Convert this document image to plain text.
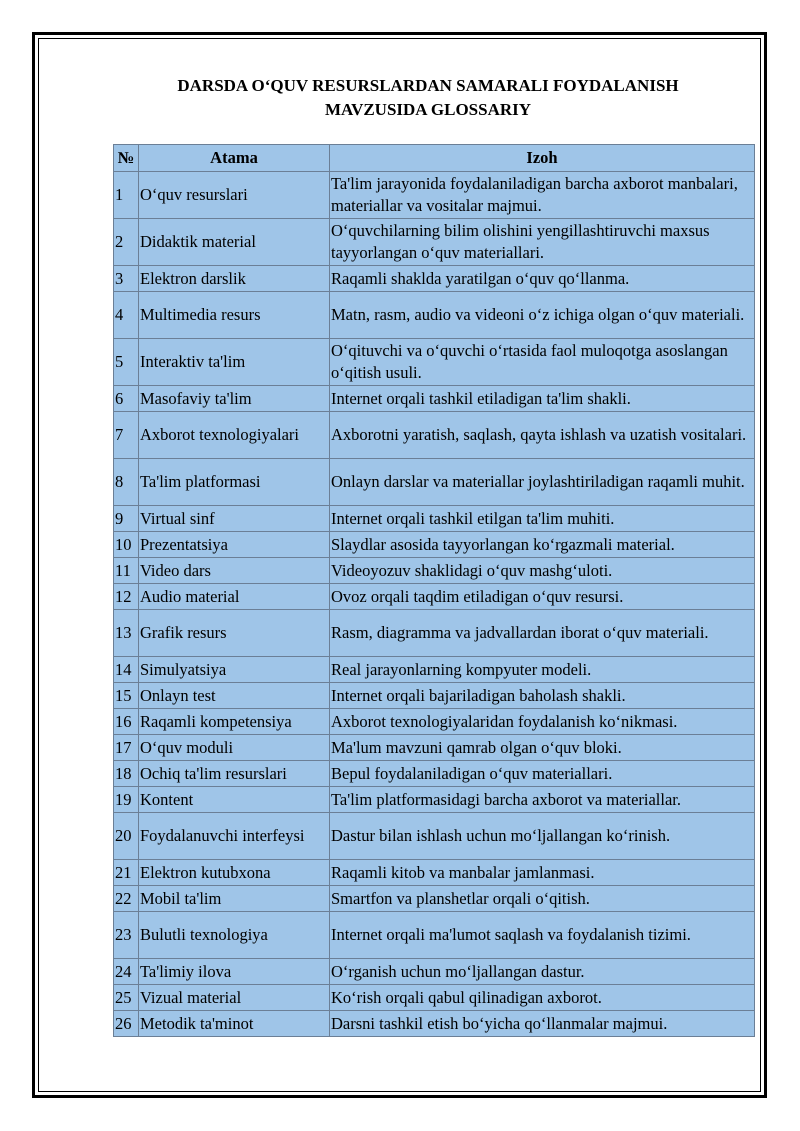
DARSDA O‘QUV RESURSLARDAN SAMARALI FOYDALANISH
MAVZUSIDA GLOSSARIY
№	Atama	Izoh
1	O‘quv resurslari	Ta'lim jarayonida foydalaniladigan barcha axborot manbalari, materiallar va vositalar majmui.
2	Didaktik material	O‘quvchilarning bilim olishini yengillashtiruvchi maxsus tayyorlangan o‘quv materiallari.
3	Elektron darslik	Raqamli shaklda yaratilgan o‘quv qo‘llanma.
4	Multimedia resurs	Matn, rasm, audio va videoni o‘z ichiga olgan o‘quv materiali.
5	Interaktiv ta'lim	O‘qituvchi va o‘quvchi o‘rtasida faol muloqotga asoslangan o‘qitish usuli.
6	Masofaviy ta'lim	Internet orqali tashkil etiladigan ta'lim shakli.
7	Axborot texnologiyalari	Axborotni yaratish, saqlash, qayta ishlash va uzatish vositalari.
8	Ta'lim platformasi	Onlayn darslar va materiallar joylashtiriladigan raqamli muhit.
9	Virtual sinf	Internet orqali tashkil etilgan ta'lim muhiti.
10	Prezentatsiya	Slaydlar asosida tayyorlangan ko‘rgazmali material.
11	Video dars	Videoyozuv shaklidagi o‘quv mashg‘uloti.
12	Audio material	Ovoz orqali taqdim etiladigan o‘quv resursi.
13	Grafik resurs	Rasm, diagramma va jadvallardan iborat o‘quv materiali.
14	Simulyatsiya	Real jarayonlarning kompyuter modeli.
15	Onlayn test	Internet orqali bajariladigan baholash shakli.
16	Raqamli kompetensiya	Axborot texnologiyalaridan foydalanish ko‘nikmasi.
17	O‘quv moduli	Ma'lum mavzuni qamrab olgan o‘quv bloki.
18	Ochiq ta'lim resurslari	Bepul foydalaniladigan o‘quv materiallari.
19	Kontent	Ta'lim platformasidagi barcha axborot va materiallar.
20	Foydalanuvchi interfeysi	Dastur bilan ishlash uchun mo‘ljallangan ko‘rinish.
21	Elektron kutubxona	Raqamli kitob va manbalar jamlanmasi.
22	Mobil ta'lim	Smartfon va planshetlar orqali o‘qitish.
23	Bulutli texnologiya	Internet orqali ma'lumot saqlash va foydalanish tizimi.
24	Ta'limiy ilova	O‘rganish uchun mo‘ljallangan dastur.
25	Vizual material	Ko‘rish orqali qabul qilinadigan axborot.
26	Metodik ta'minot	Darsni tashkil etish bo‘yicha qo‘llanmalar majmui.
